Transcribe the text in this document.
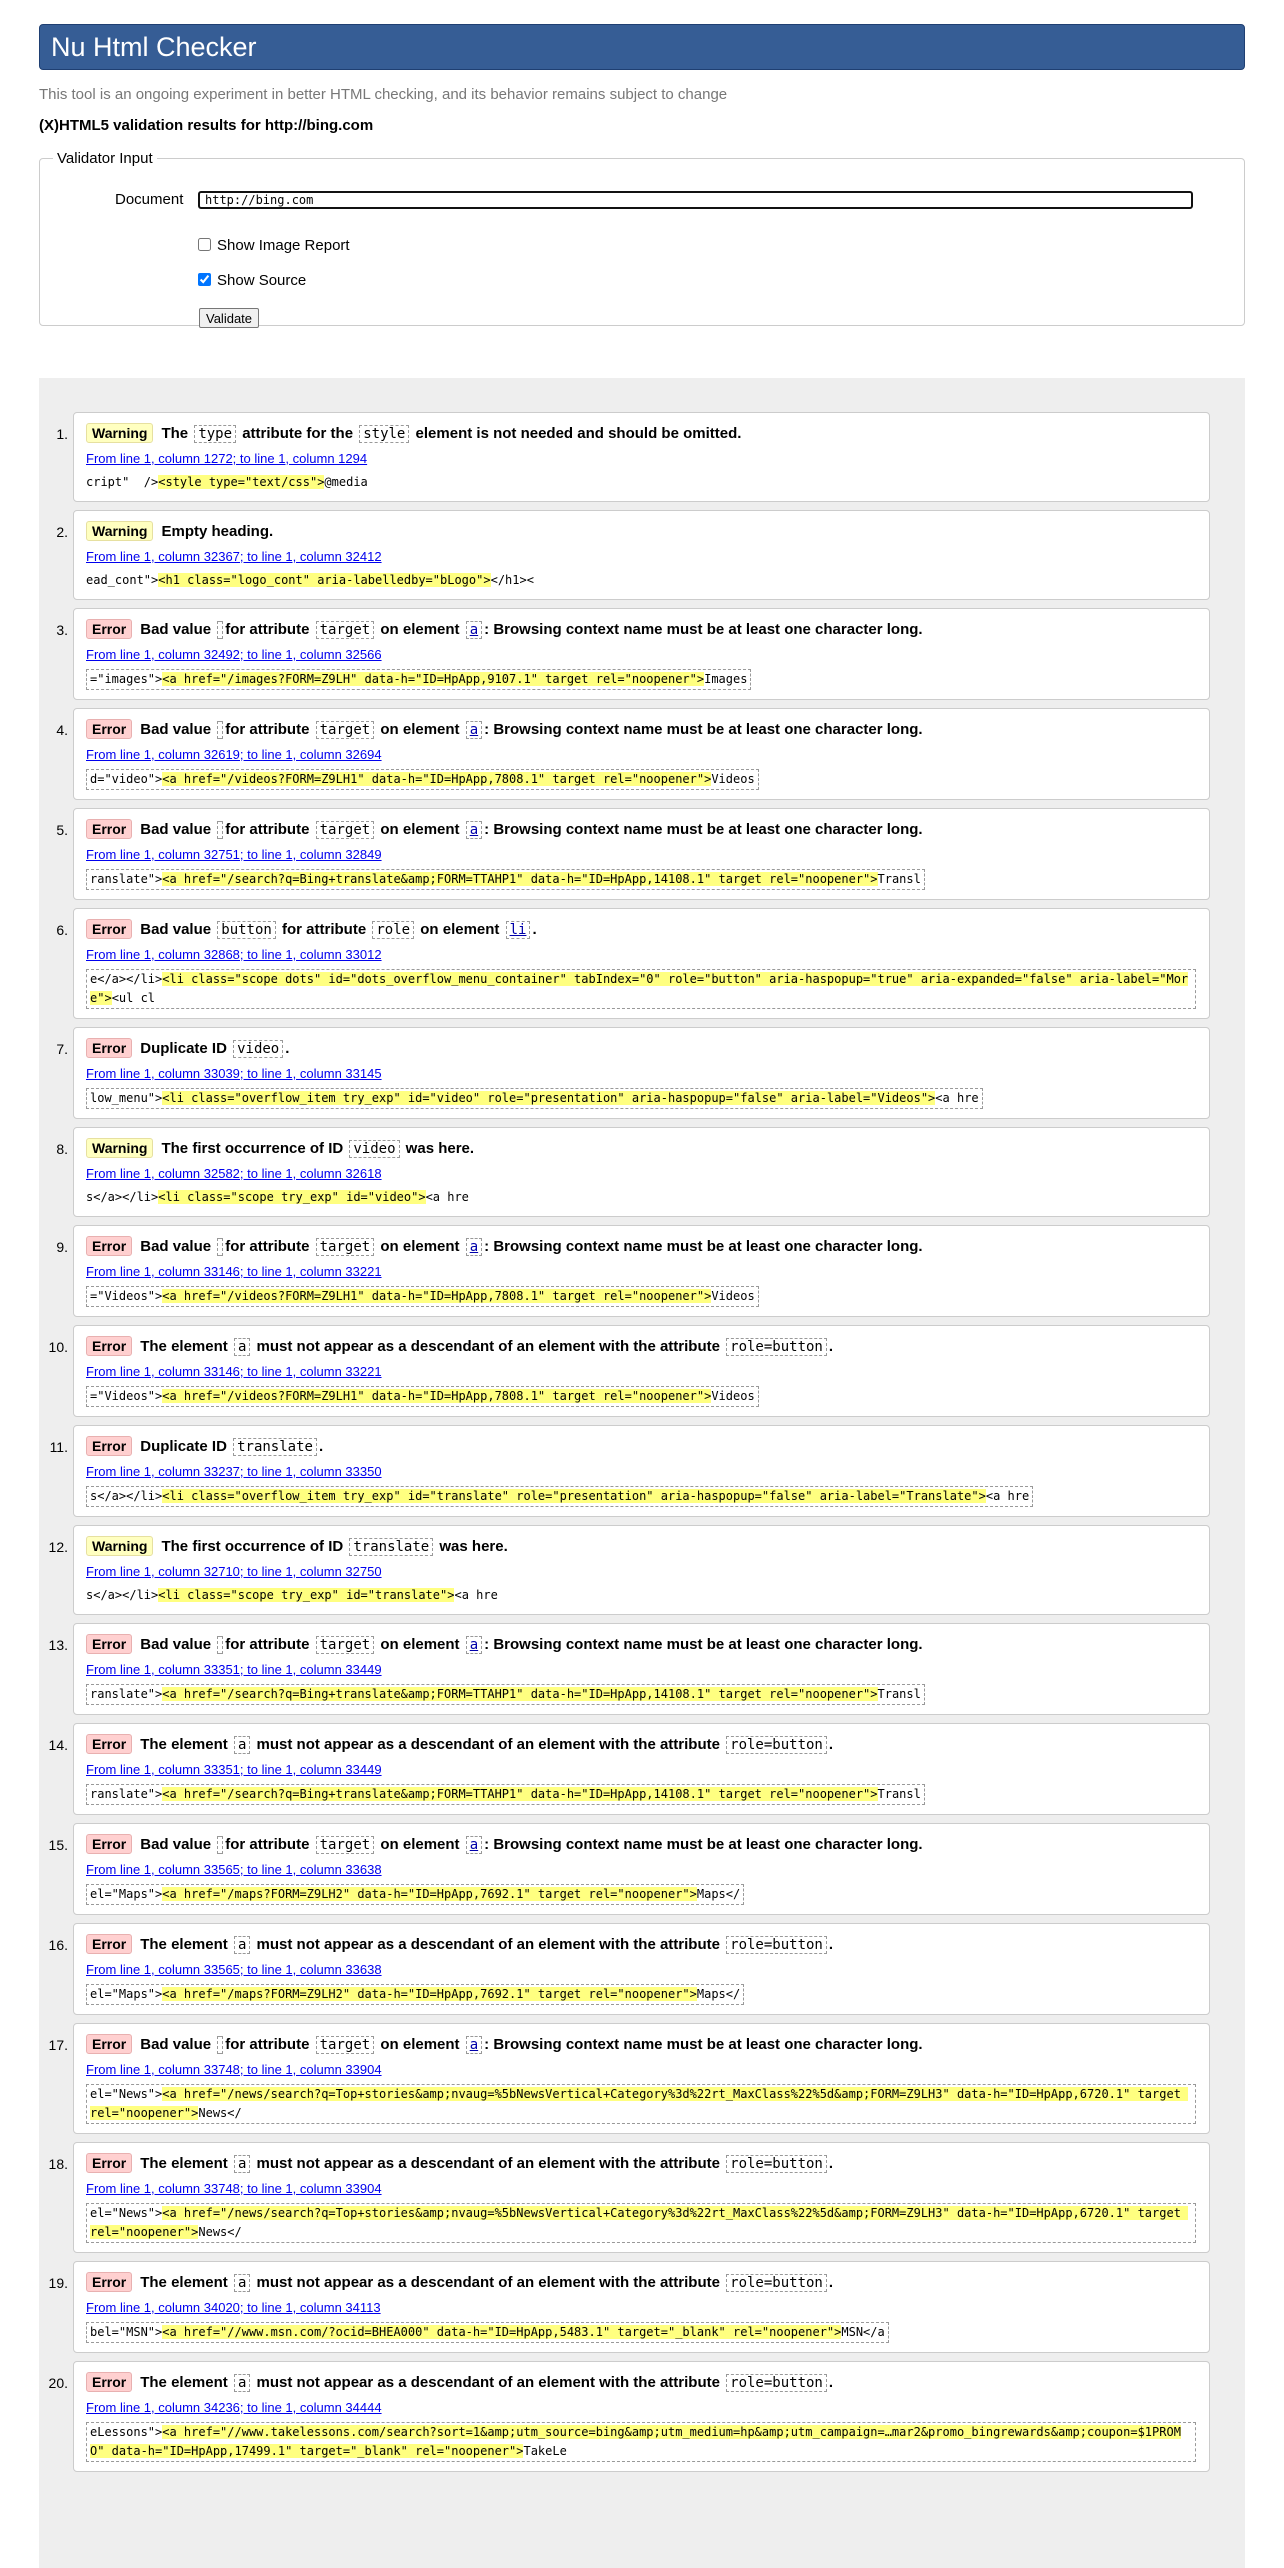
Nu Html Checker
This tool is an ongoing experiment in better HTML checking, and its behavior remains subject to change
(X)HTML5 validation results for http://bing.com
Validator Input
Document
http://bing.com
Show Image Report
Show Source
Validate
1.	Warning The type attribute for the style element is not needed and should be omitted.
From line 1, column 1272; to line 1, column 1294
cript"  /><style type="text/css">@media
2.	Warning Empty heading.
From line 1, column 32367; to line 1, column 32412
ead_cont"><h1 class="logo_cont" aria-labelledby="bLogo"></h1><
3.	Error Bad value for attribute target on element a : Browsing context name must be at least one character long.
From line 1, column 32492; to line 1, column 32566
="images"><a href="/images?FORM=Z9LH" data-h="ID=HpApp,9107.1" target rel="noopener">Images
4.	Error Bad value for attribute target on element a : Browsing context name must be at least one character long.
From line 1, column 32619; to line 1, column 32694
d="video"><a href="/videos?FORM=Z9LH1" data-h="ID=HpApp,7808.1" target rel="noopener">Videos
5.	Error Bad value for attribute target on element a : Browsing context name must be at least one character long.
From line 1, column 32751; to line 1, column 32849
ranslate"><a href="/search?q=Bing+translate&amp;FORM=TTAHP1" data-h="ID=HpApp,14108.1" target rel="noopener">Transl
6.	Error Bad value button for attribute role on element li .
From line 1, column 32868; to line 1, column 33012
e</a></li><li class="scope dots" id="dots_overflow_menu_container" tabIndex="0" role="button" aria-haspopup="true" aria-expanded="false" aria-label="More"><ul cl
7.	Error Duplicate ID video .
From line 1, column 33039; to line 1, column 33145
low_menu"><li class="overflow_item try_exp" id="video" role="presentation" aria-haspopup="false" aria-label="Videos"><a hre
8.	Warning The first occurrence of ID video was here.
From line 1, column 32582; to line 1, column 32618
s</a></li><li class="scope try_exp" id="video"><a hre
9.	Error Bad value for attribute target on element a : Browsing context name must be at least one character long.
From line 1, column 33146; to line 1, column 33221
="Videos"><a href="/videos?FORM=Z9LH1" data-h="ID=HpApp,7808.1" target rel="noopener">Videos
10.	Error The element a must not appear as a descendant of an element with the attribute role=button .
From line 1, column 33146; to line 1, column 33221
="Videos"><a href="/videos?FORM=Z9LH1" data-h="ID=HpApp,7808.1" target rel="noopener">Videos
11.	Error Duplicate ID translate .
From line 1, column 33237; to line 1, column 33350
s</a></li><li class="overflow_item try_exp" id="translate" role="presentation" aria-haspopup="false" aria-label="Translate"><a hre
12.	Warning The first occurrence of ID translate was here.
From line 1, column 32710; to line 1, column 32750
s</a></li><li class="scope try_exp" id="translate"><a hre
13.	Error Bad value for attribute target on element a : Browsing context name must be at least one character long.
From line 1, column 33351; to line 1, column 33449
ranslate"><a href="/search?q=Bing+translate&amp;FORM=TTAHP1" data-h="ID=HpApp,14108.1" target rel="noopener">Transl
14.	Error The element a must not appear as a descendant of an element with the attribute role=button .
From line 1, column 33351; to line 1, column 33449
ranslate"><a href="/search?q=Bing+translate&amp;FORM=TTAHP1" data-h="ID=HpApp,14108.1" target rel="noopener">Transl
15.	Error Bad value for attribute target on element a : Browsing context name must be at least one character long.
From line 1, column 33565; to line 1, column 33638
el="Maps"><a href="/maps?FORM=Z9LH2" data-h="ID=HpApp,7692.1" target rel="noopener">Maps</
16.	Error The element a must not appear as a descendant of an element with the attribute role=button .
From line 1, column 33565; to line 1, column 33638
el="Maps"><a href="/maps?FORM=Z9LH2" data-h="ID=HpApp,7692.1" target rel="noopener">Maps</
17.	Error Bad value for attribute target on element a : Browsing context name must be at least one character long.
From line 1, column 33748; to line 1, column 33904
el="News"><a href="/news/search?q=Top+stories&amp;nvaug=%5bNewsVertical+Category%3d%22rt_MaxClass%22%5d&amp;FORM=Z9LH3" data-h="ID=HpApp,6720.1" target rel="noopener">News</
18.	Error The element a must not appear as a descendant of an element with the attribute role=button .
From line 1, column 33748; to line 1, column 33904
el="News"><a href="/news/search?q=Top+stories&amp;nvaug=%5bNewsVertical+Category%3d%22rt_MaxClass%22%5d&amp;FORM=Z9LH3" data-h="ID=HpApp,6720.1" target rel="noopener">News</
19.	Error The element a must not appear as a descendant of an element with the attribute role=button .
From line 1, column 34020; to line 1, column 34113
bel="MSN"><a href="//www.msn.com/?ocid=BHEA000" data-h="ID=HpApp,5483.1" target="_blank" rel="noopener">MSN</a
20.	Error The element a must not appear as a descendant of an element with the attribute role=button .
From line 1, column 34236; to line 1, column 34444
eLessons"><a href="//www.takelessons.com/search?sort=1&amp;utm_source=bing&amp;utm_medium=hp&amp;utm_campaign=…mar2&promo_bingrewards&amp;coupon=$1PROMO" data-h="ID=HpApp,17499.1" target="_blank" rel="noopener">TakeLe
